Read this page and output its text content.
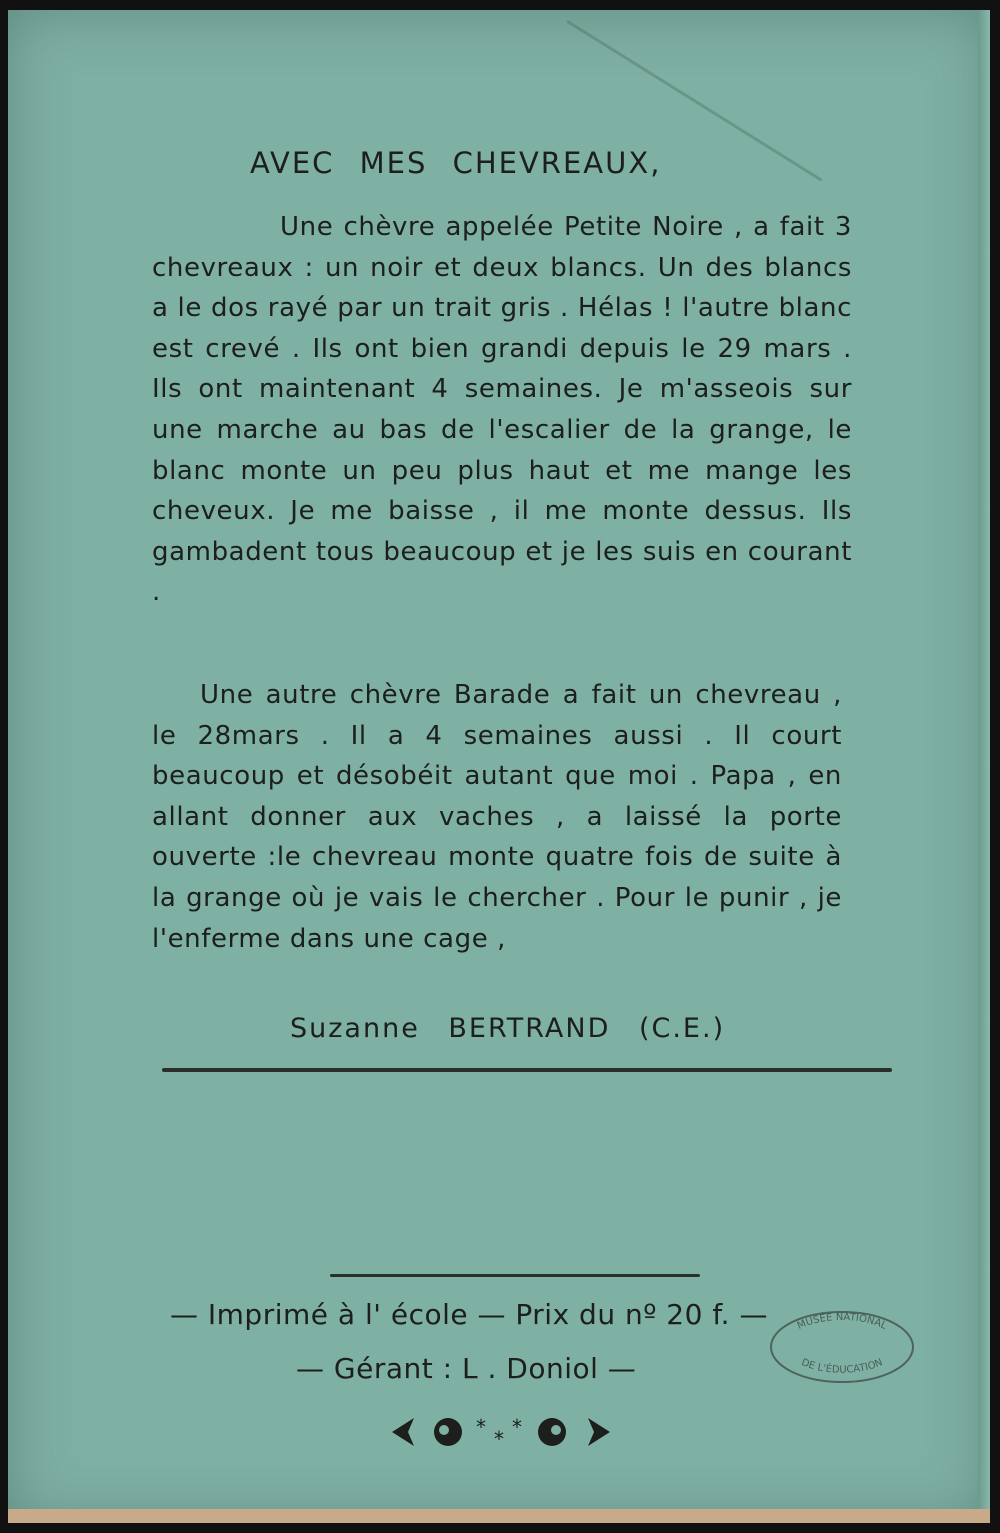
AVEC MES CHEVREAUX,

Une chèvre appelée Petite Noire , a fait 3 chevreaux : un noir et deux blancs. Un des blancs a le dos rayé par un trait gris . Hélas ! l'autre blanc est crevé . Ils ont bien grandi depuis le 29 mars . Ils ont maintenant 4 semaines. Je m'asseois sur une marche au bas de l'escalier de la grange, le blanc monte un peu plus haut et me mange les cheveux. Je me baisse , il me monte dessus. Ils gambadent tous beaucoup et je les suis en courant .

Une autre chèvre Barade a fait un chevreau , le 28mars . Il a 4 semaines aussi . Il court beaucoup et désobéit autant que moi . Papa , en allant donner aux vaches , a laissé la porte ouverte :le chevreau monte quatre fois de suite à la grange où je vais le chercher . Pour le punir , je l'enferme dans une cage ,

Suzanne BERTRAND (C.E.)

— Imprimé à l' école — Prix du nº 20 f. —

— Gérant : L . Doniol —

* * *
MUSÉE NATIONAL
DE L'ÉDUCATION
